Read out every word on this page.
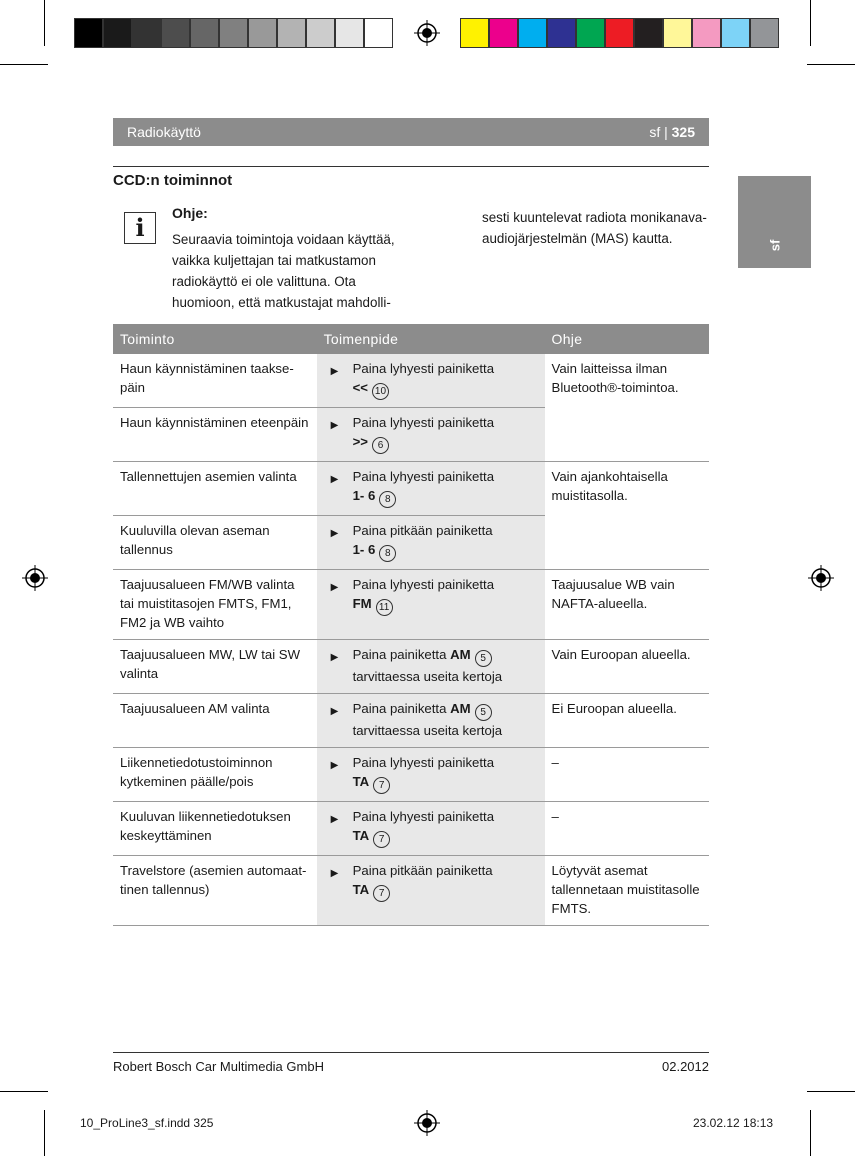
Radiokäyttö	sf | 325
sf
CCD:n toiminnot
i	Ohje:
Seuraavia toimintoja voidaan käyttää,
vaikka kuljettajan tai matkustamon
radiokäyttö ei ole valittuna. Ota
huomioon, että matkustajat mahdolli-
sesti kuuntelevat radiota monikanava-
audiojärjestelmän (MAS) kautta.
Toiminto	Toimenpide	Ohje
Haun käynnistäminen taakse-
päin	▶ Paina lyhyesti painiketta
<< 10	Vain laitteissa ilman Bluetooth®-toimintoa.
Haun käynnistäminen eteenpäin	▶ Paina lyhyesti painiketta
>> 6	
Tallennettujen asemien valinta	▶ Paina lyhyesti painiketta
1- 6 8	Vain ajankohtaisella muistitasolla.
Kuuluvilla olevan aseman tallennus	▶ Paina pitkään painiketta
1- 6 8	
Taajuusalueen FM/WB valinta tai muistitasojen FMTS, FM1, FM2 ja WB vaihto	▶ Paina lyhyesti painiketta
FM 11	Taajuusalue WB vain NAFTA-alueella.
Taajuusalueen MW, LW tai SW valinta	▶ Paina painiketta AM 5
tarvittaessa useita kertoja	Vain Euroopan alueella.
Taajuusalueen AM valinta	▶ Paina painiketta AM 5
tarvittaessa useita kertoja	Ei Euroopan alueella.
Liikennetiedotustoiminnon kytkeminen päälle/pois	▶ Paina lyhyesti painiketta
TA 7	–
Kuuluvan liikennetiedotuksen keskeyttäminen	▶ Paina lyhyesti painiketta
TA 7	–
Travelstore (asemien automaat-
tinen tallennus)	▶ Paina pitkään painiketta
TA 7	Löytyvät asemat tallennetaan muistitasolle FMTS.
Robert Bosch Car Multimedia GmbH	02.2012
10_ProLine3_sf.indd 325	23.02.12 18:13
